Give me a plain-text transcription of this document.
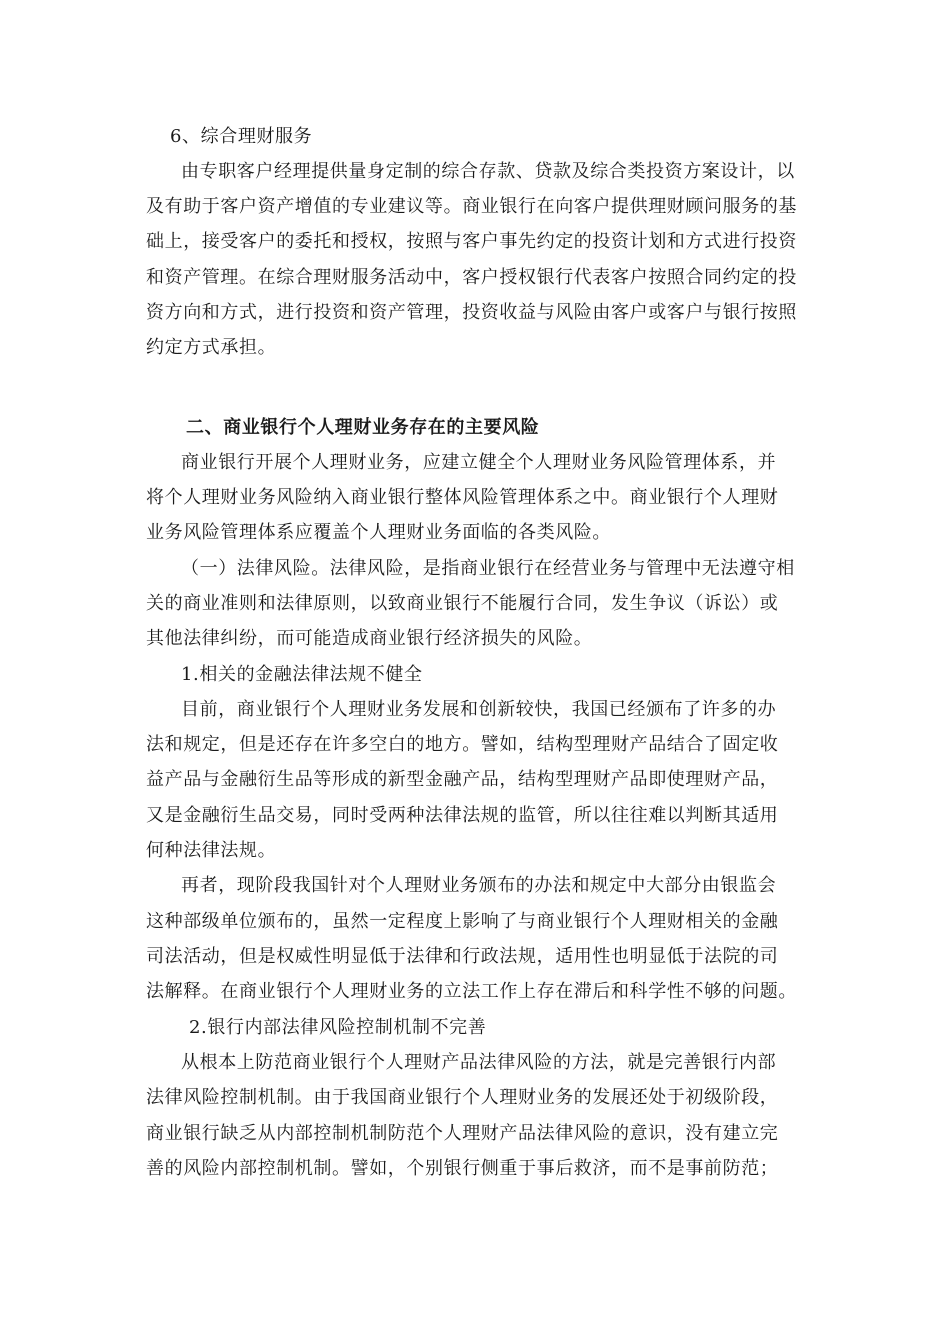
6、综合理财服务
由专职客户经理提供量身定制的综合存款、贷款及综合类投资方案设计，以
及有助于客户资产增值的专业建议等。商业银行在向客户提供理财顾问服务的基
础上，接受客户的委托和授权，按照与客户事先约定的投资计划和方式进行投资
和资产管理。在综合理财服务活动中，客户授权银行代表客户按照合同约定的投
资方向和方式，进行投资和资产管理，投资收益与风险由客户或客户与银行按照
约定方式承担。
二、商业银行个人理财业务存在的主要风险
商业银行开展个人理财业务，应建立健全个人理财业务风险管理体系，并
将个人理财业务风险纳入商业银行整体风险管理体系之中。商业银行个人理财
业务风险管理体系应覆盖个人理财业务面临的各类风险。
（一）法律风险。法律风险，是指商业银行在经营业务与管理中无法遵守相
关的商业准则和法律原则，以致商业银行不能履行合同，发生争议（诉讼）或
其他法律纠纷，而可能造成商业银行经济损失的风险。
1.相关的金融法律法规不健全
目前，商业银行个人理财业务发展和创新较快，我国已经颁布了许多的办
法和规定，但是还存在许多空白的地方。譬如，结构型理财产品结合了固定收
益产品与金融衍生品等形成的新型金融产品，结构型理财产品即使理财产品，
又是金融衍生品交易，同时受两种法律法规的监管，所以往往难以判断其适用
何种法律法规。
再者，现阶段我国针对个人理财业务颁布的办法和规定中大部分由银监会
这种部级单位颁布的，虽然一定程度上影响了与商业银行个人理财相关的金融
司法活动，但是权威性明显低于法律和行政法规，适用性也明显低于法院的司
法解释。在商业银行个人理财业务的立法工作上存在滞后和科学性不够的问题。
2.银行内部法律风险控制机制不完善
从根本上防范商业银行个人理财产品法律风险的方法，就是完善银行内部
法律风险控制机制。由于我国商业银行个人理财业务的发展还处于初级阶段，
商业银行缺乏从内部控制机制防范个人理财产品法律风险的意识，没有建立完
善的风险内部控制机制。譬如，个别银行侧重于事后救济，而不是事前防范；
